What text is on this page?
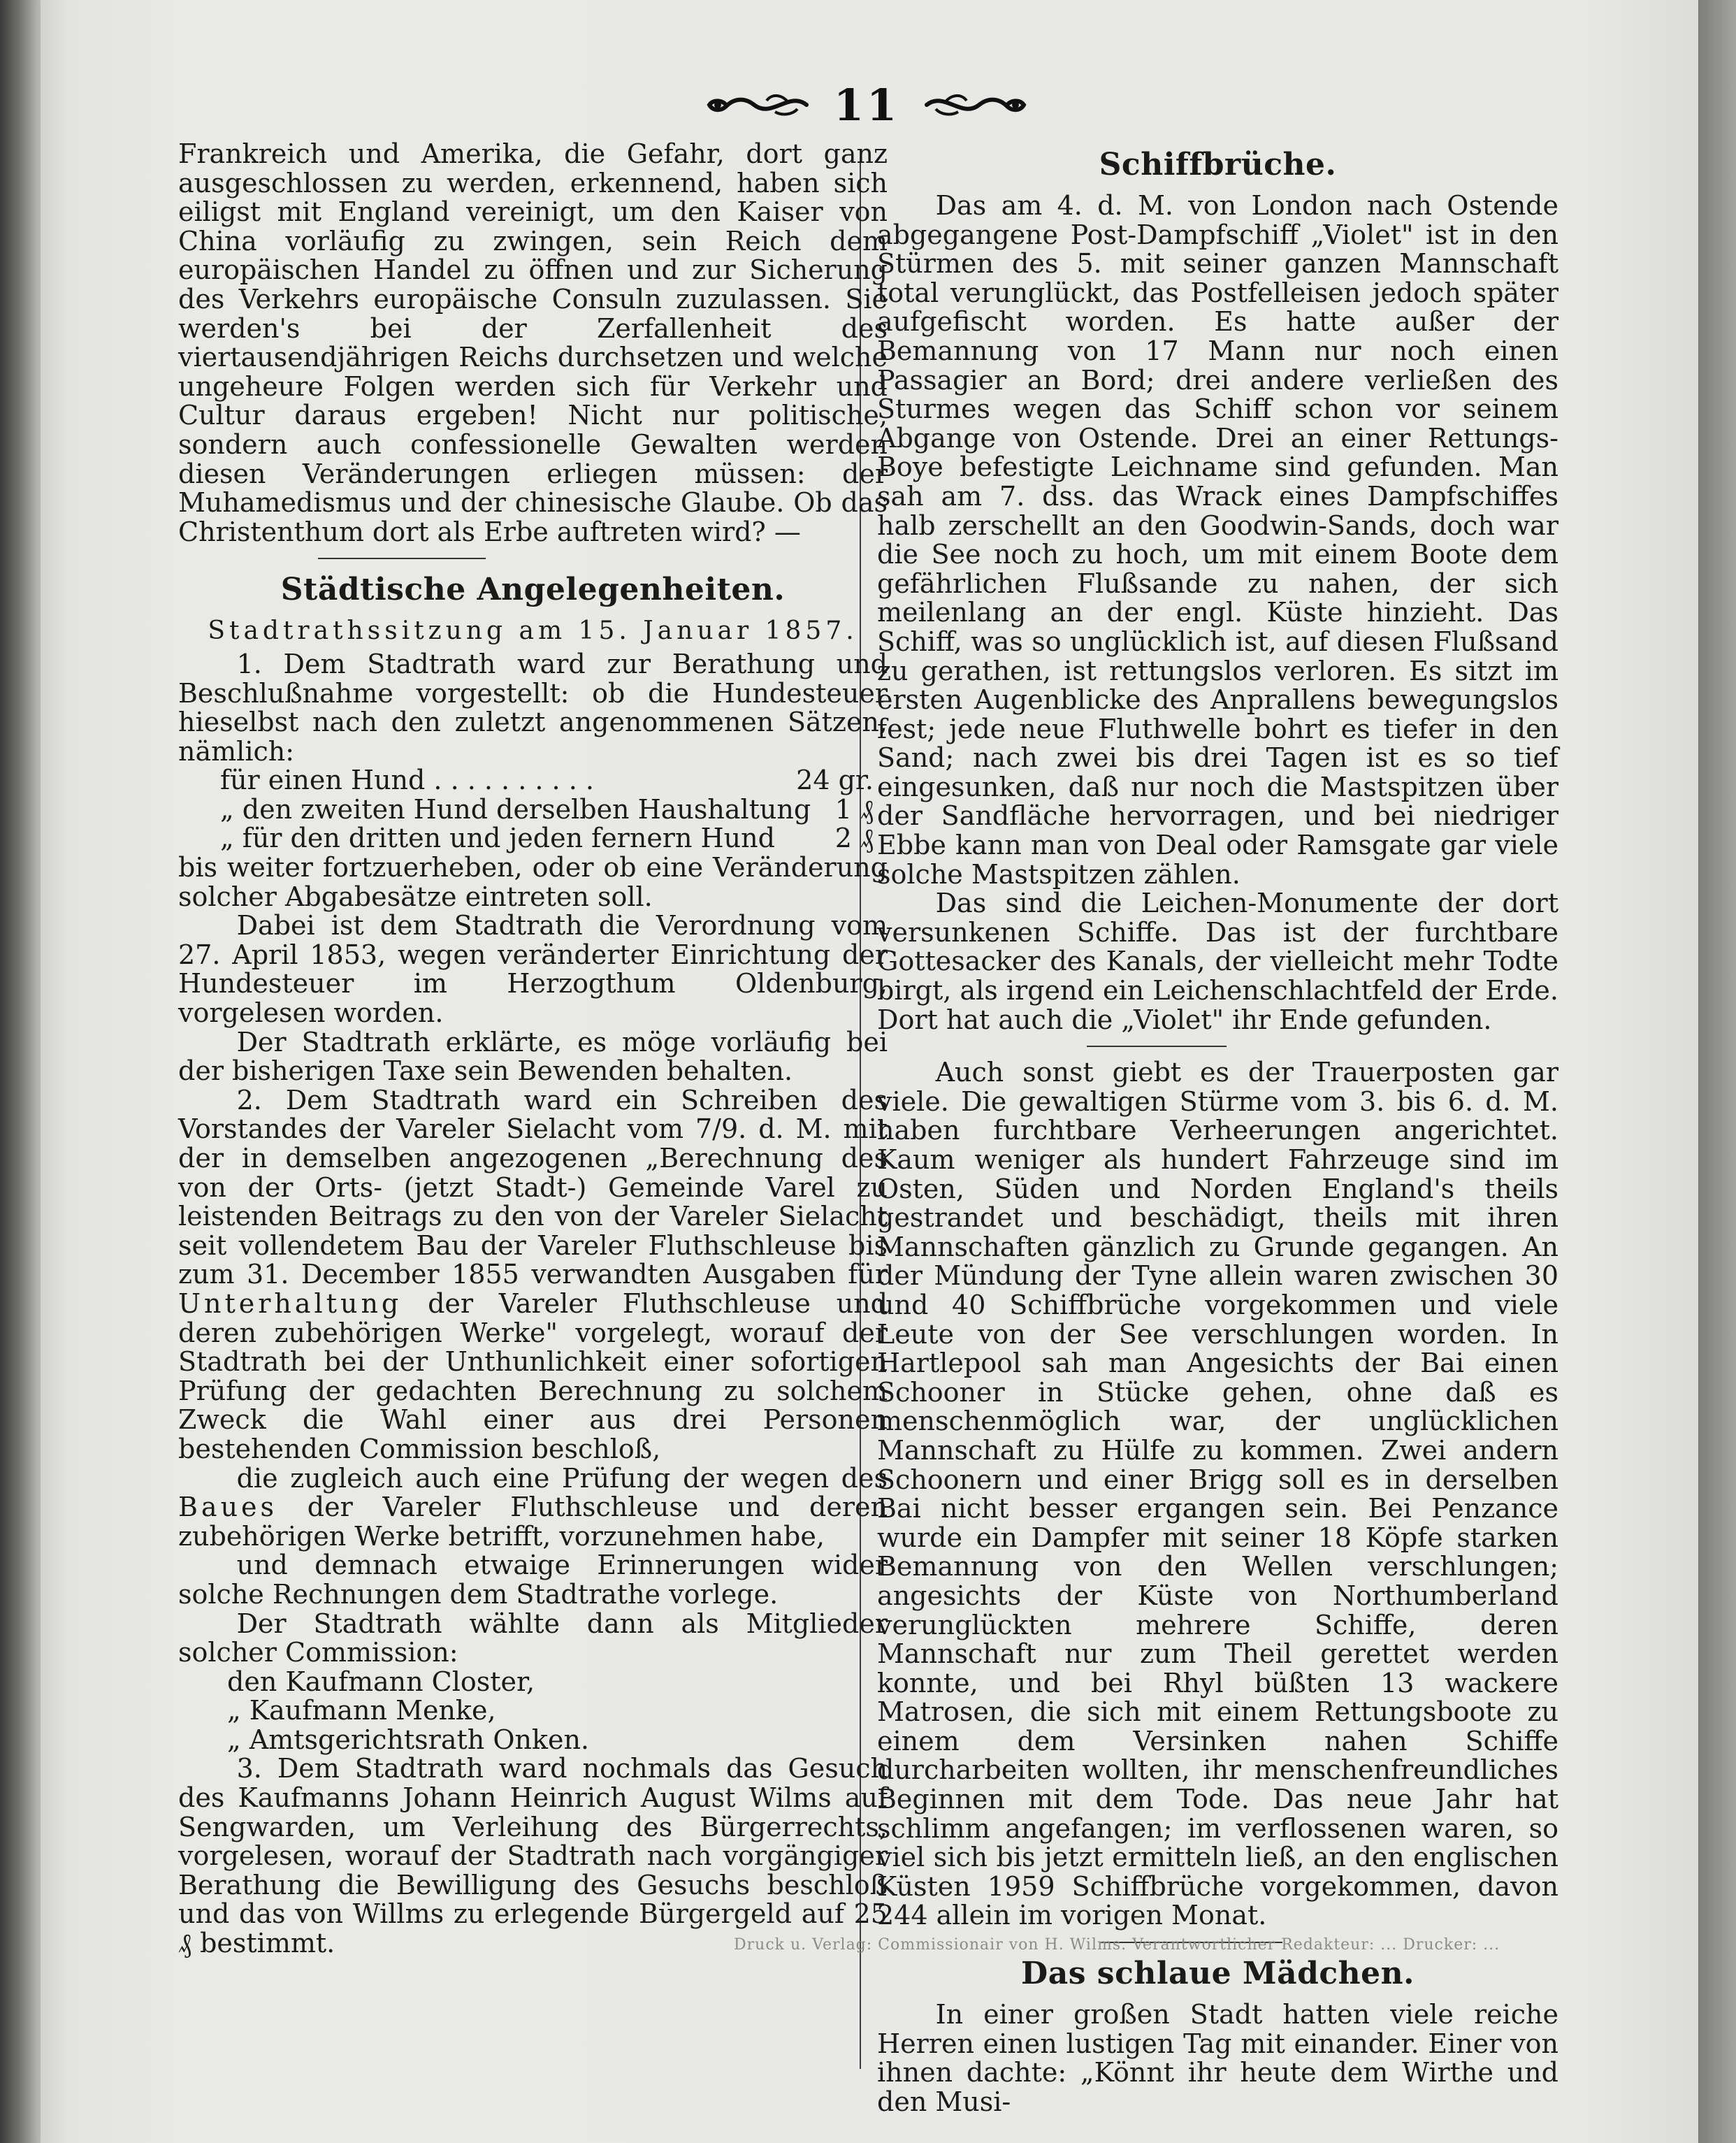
11

Frankreich und Amerika, die Gefahr, dort ganz ausgeschlossen zu werden, erkennend, haben sich eiligst mit England vereinigt, um den Kaiser von China vorläufig zu zwingen, sein Reich dem europäischen Handel zu öffnen und zur Sicherung des Verkehrs europäische Consuln zuzulassen. Sie werden's bei der Zerfallenheit des viertausendjährigen Reichs durchsetzen und welche ungeheure Folgen werden sich für Verkehr und Cultur daraus ergeben! Nicht nur politische, sondern auch confessionelle Gewalten werden diesen Veränderungen erliegen müssen: der Muhamedismus und der chinesische Glaube. Ob das Christenthum dort als Erbe auftreten wird? —

Städtische Angelegenheiten.
Stadtrathssitzung am 15. Januar 1857.

1. Dem Stadtrath ward zur Berathung und Beschlußnahme vorgestellt: ob die Hundesteuer hieselbst nach den zuletzt angenommenen Sätzen, nämlich:

für einen Hund . . . . . . . . . .	24 gr.
„ den zweiten Hund derselben Haushaltung 1 ₰
„ für den dritten und jeden fernern Hund 2 ₰

bis weiter fortzuerheben, oder ob eine Veränderung solcher Abgabesätze eintreten soll.

Dabei ist dem Stadtrath die Verordnung vom 27. April 1853, wegen veränderter Einrichtung der Hundesteuer im Herzogthum Oldenburg, vorgelesen worden.

Der Stadtrath erklärte, es möge vorläufig bei der bisherigen Taxe sein Bewenden behalten.

2. Dem Stadtrath ward ein Schreiben des Vorstandes der Vareler Sielacht vom 7/9. d. M. mit der in demselben angezogenen „Berechnung des von der Orts- (jetzt Stadt-) Gemeinde Varel zu leistenden Beitrags zu den von der Vareler Sielacht seit vollendetem Bau der Vareler Fluthschleuse bis zum 31. December 1855 verwandten Ausgaben für Unterhaltung der Vareler Fluthschleuse und deren zubehörigen Werke" vorgelegt, worauf der Stadtrath bei der Unthunlichkeit einer sofortigen Prüfung der gedachten Berechnung zu solchem Zweck die Wahl einer aus drei Personen bestehenden Commission beschloß,

die zugleich auch eine Prüfung der wegen des Baues der Vareler Fluthschleuse und deren zubehörigen Werke betrifft, vorzunehmen habe,

und demnach etwaige Erinnerungen wider solche Rechnungen dem Stadtrathe vorlege.

Der Stadtrath wählte dann als Mitglieder solcher Commission:

den Kaufmann Closter,
„ Kaufmann Menke,
„ Amtsgerichtsrath Onken.

3. Dem Stadtrath ward nochmals das Gesuch des Kaufmanns Johann Heinrich August Wilms auf Sengwarden, um Verleihung des Bürgerrechts, vorgelesen, worauf der Stadtrath nach vorgängiger Berathung die Bewilligung des Gesuchs beschloß und das von Willms zu erlegende Bürgergeld auf 25 ₰ bestimmt.

Schiffbrüche.

Das am 4. d. M. von London nach Ostende abgegangene Post-Dampfschiff „Violet" ist in den Stürmen des 5. mit seiner ganzen Mannschaft total verunglückt, das Postfelleisen jedoch später aufgefischt worden. Es hatte außer der Bemannung von 17 Mann nur noch einen Passagier an Bord; drei andere verließen des Sturmes wegen das Schiff schon vor seinem Abgange von Ostende. Drei an einer Rettungs-Boye befestigte Leichname sind gefunden. Man sah am 7. dss. das Wrack eines Dampfschiffes halb zerschellt an den Goodwin-Sands, doch war die See noch zu hoch, um mit einem Boote dem gefährlichen Flußsande zu nahen, der sich meilenlang an der engl. Küste hinzieht. Das Schiff, was so unglücklich ist, auf diesen Flußsand zu gerathen, ist rettungslos verloren. Es sitzt im ersten Augenblicke des Anprallens bewegungslos fest; jede neue Fluthwelle bohrt es tiefer in den Sand; nach zwei bis drei Tagen ist es so tief eingesunken, daß nur noch die Mastspitzen über der Sandfläche hervorragen, und bei niedriger Ebbe kann man von Deal oder Ramsgate gar viele solche Mastspitzen zählen.

Das sind die Leichen-Monumente der dort versunkenen Schiffe. Das ist der furchtbare Gottesacker des Kanals, der vielleicht mehr Todte birgt, als irgend ein Leichenschlachtfeld der Erde. Dort hat auch die „Violet" ihr Ende gefunden.

Auch sonst giebt es der Trauerposten gar viele. Die gewaltigen Stürme vom 3. bis 6. d. M. haben furchtbare Verheerungen angerichtet. Kaum weniger als hundert Fahrzeuge sind im Osten, Süden und Norden England's theils gestrandet und beschädigt, theils mit ihren Mannschaften gänzlich zu Grunde gegangen. An der Mündung der Tyne allein waren zwischen 30 und 40 Schiffbrüche vorgekommen und viele Leute von der See verschlungen worden. In Hartlepool sah man Angesichts der Bai einen Schooner in Stücke gehen, ohne daß es menschenmöglich war, der unglücklichen Mannschaft zu Hülfe zu kommen. Zwei andern Schoonern und einer Brigg soll es in derselben Bai nicht besser ergangen sein. Bei Penzance wurde ein Dampfer mit seiner 18 Köpfe starken Bemannung von den Wellen verschlungen; angesichts der Küste von Northumberland verunglückten mehrere Schiffe, deren Mannschaft nur zum Theil gerettet werden konnte, und bei Rhyl büßten 13 wackere Matrosen, die sich mit einem Rettungsboote zu einem dem Versinken nahen Schiffe durcharbeiten wollten, ihr menschenfreundliches Beginnen mit dem Tode. Das neue Jahr hat schlimm angefangen; im verflossenen waren, so viel sich bis jetzt ermitteln ließ, an den englischen Küsten 1959 Schiffbrüche vorgekommen, davon 244 allein im vorigen Monat.

Das schlaue Mädchen.

In einer großen Stadt hatten viele reiche Herren einen lustigen Tag mit einander. Einer von ihnen dachte: „Könnt ihr heute dem Wirthe und den Musi-

Druck u. Verlag: Commissionair von H. Wilms. Verantwortlicher Redakteur: ... Drucker: ...
